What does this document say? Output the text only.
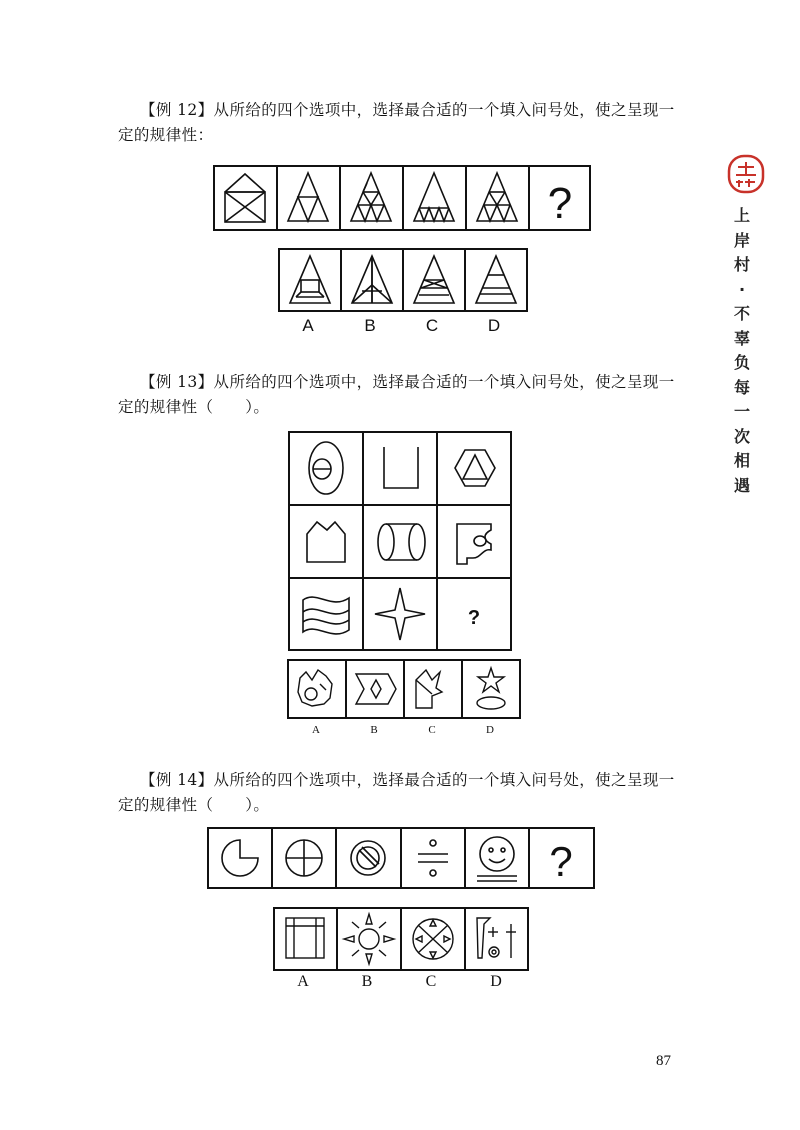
【例 12】从所给的四个选项中，选择最合适的一个填入问号处，使之呈现一
定的规律性：
?
A	B	C	D
【例 13】从所给的四个选项中，选择最合适的一个填入问号处，使之呈现一
定的规律性（　　）。
?
A	B	C	D
【例 14】从所给的四个选项中，选择最合适的一个填入问号处，使之呈现一
定的规律性（　　）。
?
A	B	C	D
上
岸
村
·
不
辜
负
每
一
次
相
遇
87
